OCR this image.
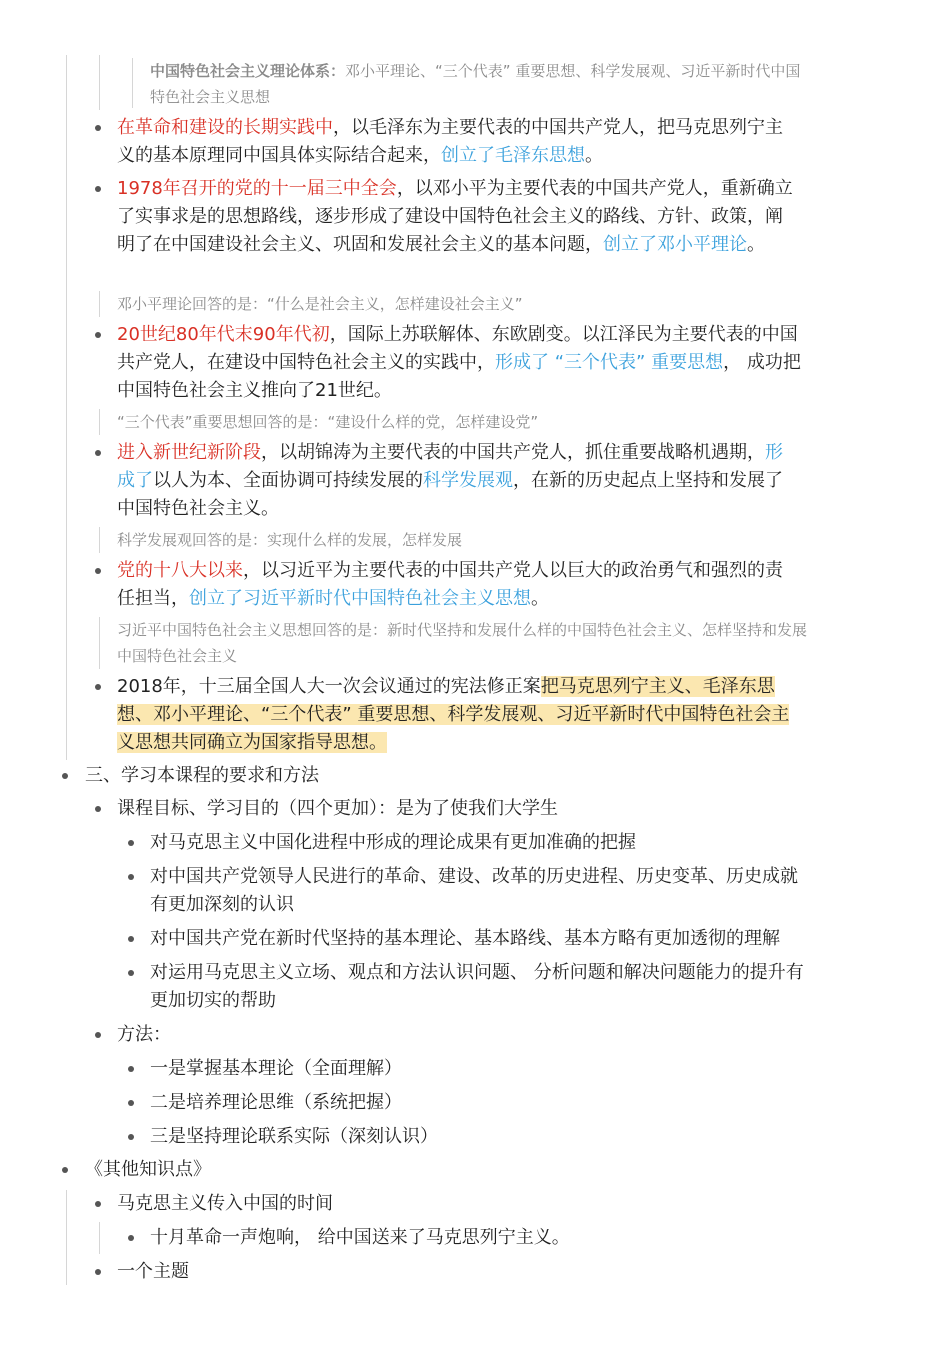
中国特色社会主义理论体系：邓小平理论、“三个代表” 重要思想、科学发展观、习近平新时代中国特色社会主义思想
在革命和建设的长期实践中，以毛泽东为主要代表的中国共产党人，把马克思列宁主义的基本原理同中国具体实际结合起来，创立了毛泽东思想。
1978年召开的党的十一届三中全会，以邓小平为主要代表的中国共产党人，重新确立了实事求是的思想路线，逐步形成了建设中国特色社会主义的路线、方针、政策，阐明了在中国建设社会主义、巩固和发展社会主义的基本问题，创立了邓小平理论。
邓小平理论回答的是：“什么是社会主义，怎样建设社会主义”
20世纪80年代末90年代初，国际上苏联解体、东欧剧变。以江泽民为主要代表的中国共产党人，在建设中国特色社会主义的实践中，形成了 “三个代表” 重要思想， 成功把中国特色社会主义推向了21世纪。
“三个代表”重要思想回答的是：“建设什么样的党，怎样建设党”
进入新世纪新阶段，以胡锦涛为主要代表的中国共产党人，抓住重要战略机遇期，形成了以人为本、全面协调可持续发展的科学发展观，在新的历史起点上坚持和发展了中国特色社会主义。
科学发展观回答的是：实现什么样的发展，怎样发展
党的十八大以来，以习近平为主要代表的中国共产党人以巨大的政治勇气和强烈的责任担当，创立了习近平新时代中国特色社会主义思想。
习近平中国特色社会主义思想回答的是：新时代坚持和发展什么样的中国特色社会主义、怎样坚持和发展中国特色社会主义
2018年，十三届全国人大一次会议通过的宪法修正案把马克思列宁主义、毛泽东思想、邓小平理论、“三个代表” 重要思想、科学发展观、习近平新时代中国特色社会主义思想共同确立为国家指导思想。
三、学习本课程的要求和方法
课程目标、学习目的（四个更加）：是为了使我们大学生
对马克思主义中国化进程中形成的理论成果有更加准确的把握
对中国共产党领导人民进行的革命、建设、改革的历史进程、历史变革、历史成就有更加深刻的认识
对中国共产党在新时代坚持的基本理论、基本路线、基本方略有更加透彻的理解
对运用马克思主义立场、观点和方法认识问题、 分析问题和解决问题能力的提升有更加切实的帮助
方法：
一是掌握基本理论（全面理解）
二是培养理论思维（系统把握）
三是坚持理论联系实际（深刻认识）
《其他知识点》
马克思主义传入中国的时间
十月革命一声炮响， 给中国送来了马克思列宁主义。
一个主题
